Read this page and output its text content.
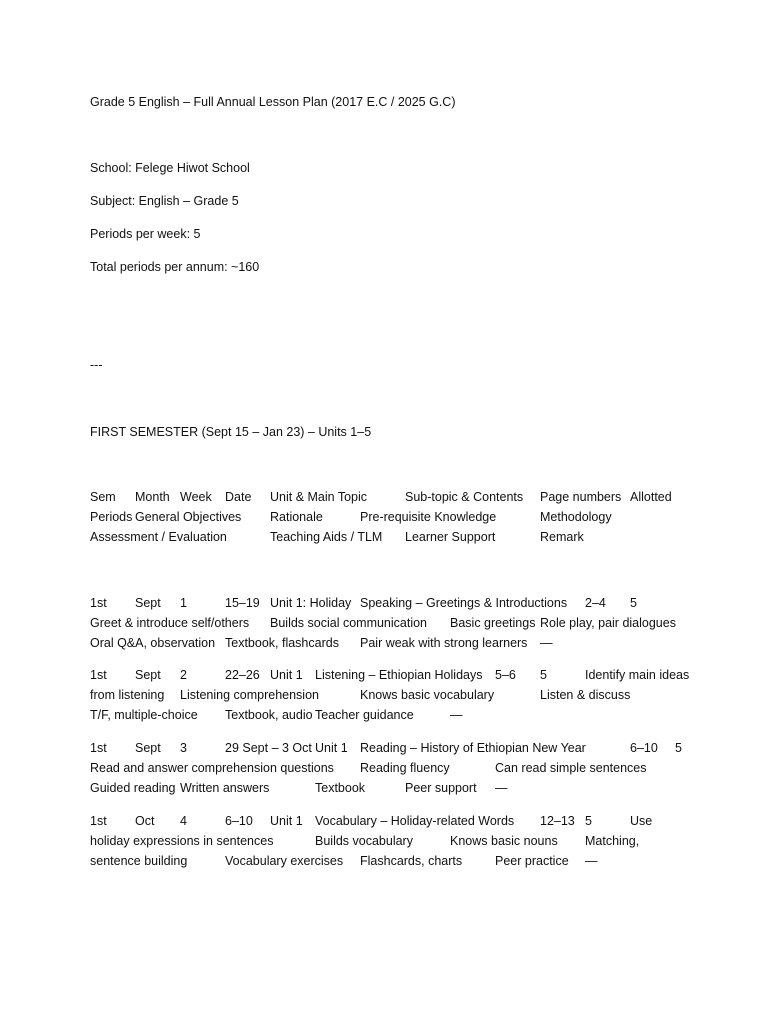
Grade 5 English – Full Annual Lesson Plan (2017 E.C / 2025 G.C)
School: Felege Hiwot School
Subject: English – Grade 5
Periods per week: 5
Total periods per annum: ~160
---
FIRST SEMESTER (Sept 15 – Jan 23) – Units 1–5
Sem	Month	Week	Date	Unit & Main Topic	Sub-topic & Contents	Page numbers	Allotted Periods	General Objectives	Rationale	Pre-requisite Knowledge	Methodology	Assessment / Evaluation	Teaching Aids / TLM	Learner Support	Remark
1st	Sept	1	15–19	Unit 1: Holiday	Speaking – Greetings & Introductions	2–4	5	Greet & introduce self/others	Builds social communication	Basic greetings	Role play, pair dialogues	Oral Q&A, observation	Textbook, flashcards	Pair weak with strong learners	—
1st	Sept	2	22–26	Unit 1	Listening – Ethiopian Holidays	5–6	5	Identify main ideas from listening	Listening comprehension	Knows basic vocabulary	Listen & discuss	T/F, multiple-choice	Textbook, audio	Teacher guidance	—
1st	Sept	3	29 Sept – 3 Oct	Unit 1	Reading – History of Ethiopian New Year	6–10	5	Read and answer comprehension questions	Reading fluency	Can read simple sentences	Guided reading	Written answers	Textbook	Peer support	—
1st	Oct	4	6–10	Unit 1	Vocabulary – Holiday-related Words	12–13	5	Use holiday expressions in sentences	Builds vocabulary	Knows basic nouns	Matching, sentence building	Vocabulary exercises	Flashcards, charts	Peer practice	—
